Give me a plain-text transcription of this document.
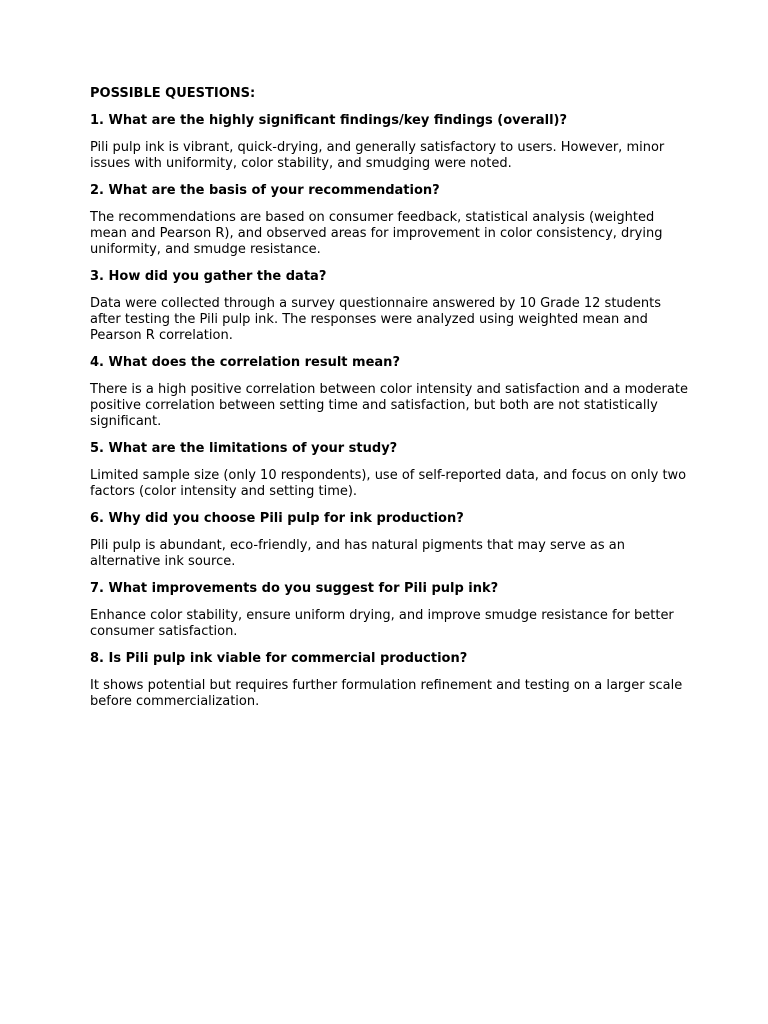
POSSIBLE QUESTIONS:

1. What are the highly significant findings/key findings (overall)?

Pili pulp ink is vibrant, quick-drying, and generally satisfactory to users. However, minor issues with uniformity, color stability, and smudging were noted.

2. What are the basis of your recommendation?

The recommendations are based on consumer feedback, statistical analysis (weighted mean and Pearson R), and observed areas for improvement in color consistency, drying uniformity, and smudge resistance.

3. How did you gather the data?

Data were collected through a survey questionnaire answered by 10 Grade 12 students after testing the Pili pulp ink. The responses were analyzed using weighted mean and Pearson R correlation.

4. What does the correlation result mean?

There is a high positive correlation between color intensity and satisfaction and a moderate positive correlation between setting time and satisfaction, but both are not statistically significant.

5. What are the limitations of your study?

Limited sample size (only 10 respondents), use of self-reported data, and focus on only two factors (color intensity and setting time).

6. Why did you choose Pili pulp for ink production?

Pili pulp is abundant, eco-friendly, and has natural pigments that may serve as an alternative ink source.

7. What improvements do you suggest for Pili pulp ink?

Enhance color stability, ensure uniform drying, and improve smudge resistance for better consumer satisfaction.

8. Is Pili pulp ink viable for commercial production?

It shows potential but requires further formulation refinement and testing on a larger scale before commercialization.
